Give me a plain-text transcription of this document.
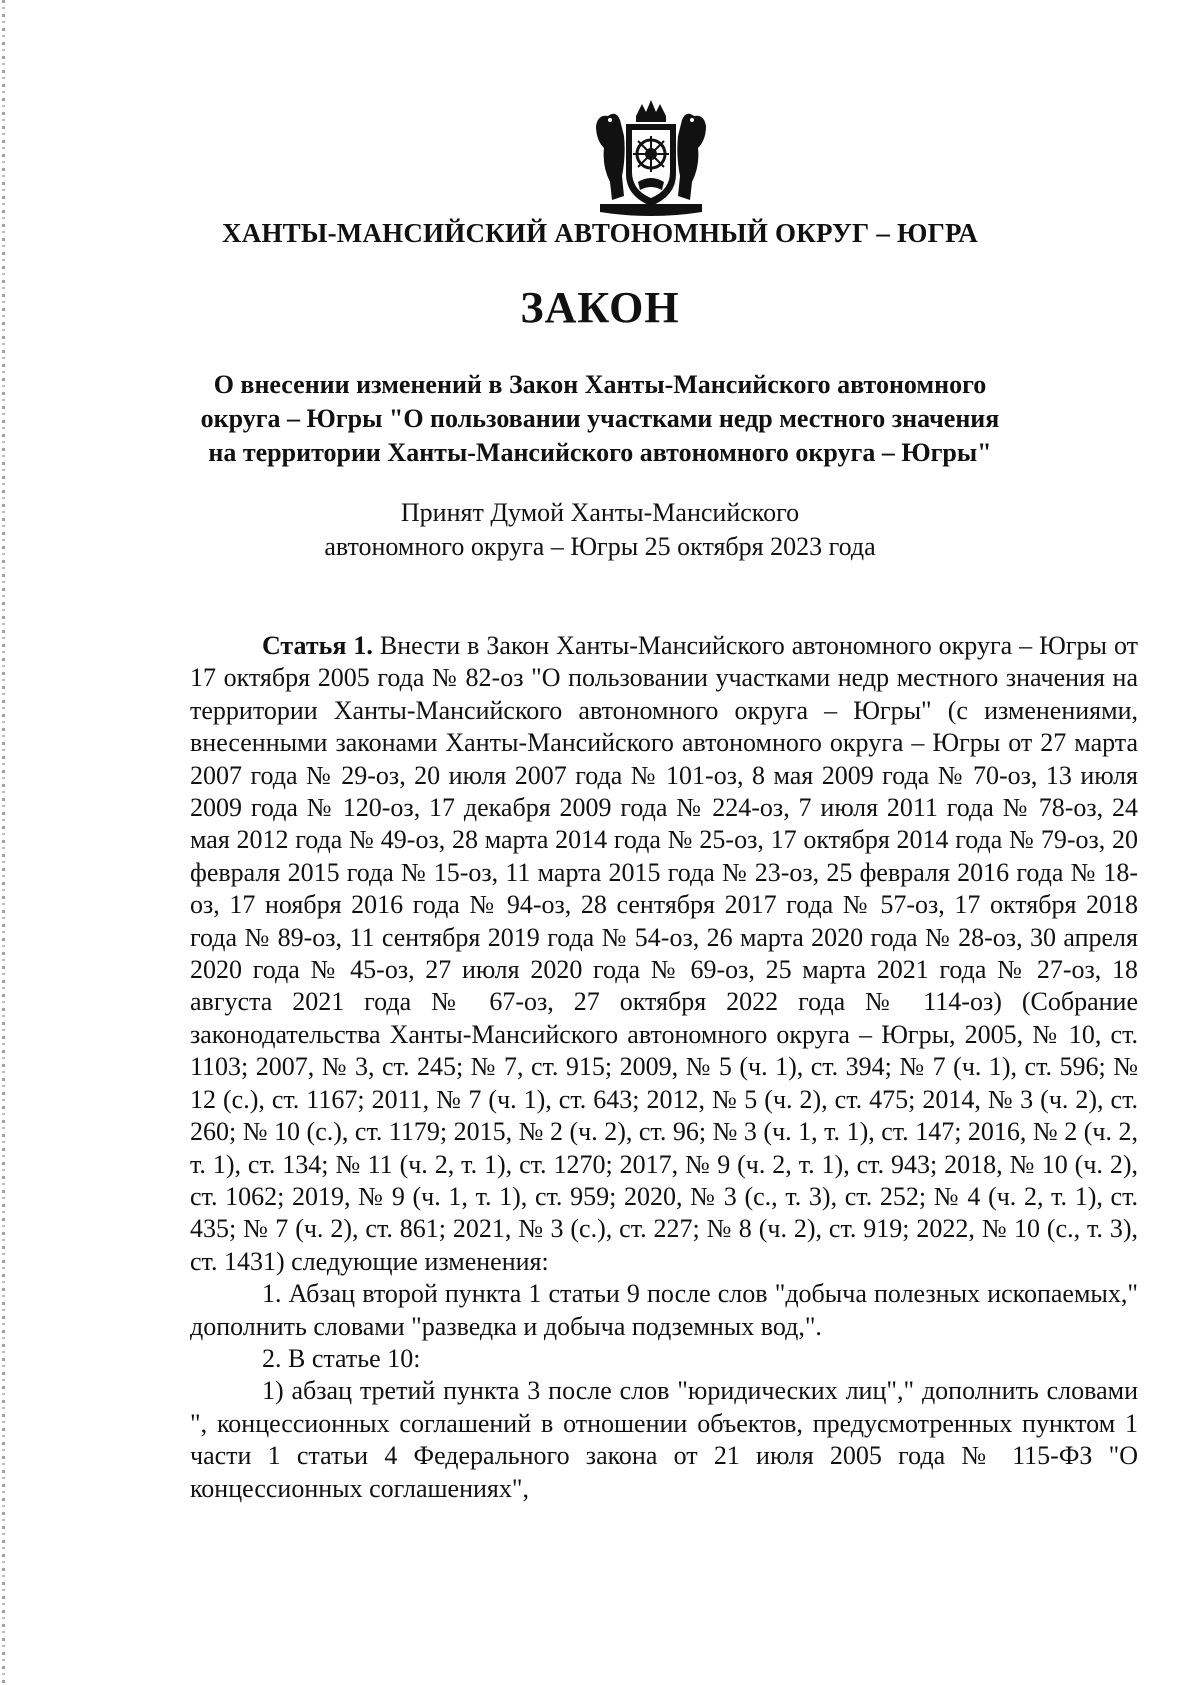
ХАНТЫ-МАНСИЙСКИЙ АВТОНОМНЫЙ ОКРУГ – ЮГРА
ЗАКОН
О внесении изменений в Закон Ханты-Мансийского автономного
округа – Югры "О пользовании участками недр местного значения
на территории Ханты-Мансийского автономного округа – Югры"
Принят Думой Ханты-Мансийского
автономного округа – Югры 25 октября 2023 года

Статья 1. Внести в Закон Ханты-Мансийского автономного округа – Югры от 17 октября 2005 года № 82-оз "О пользовании участками недр местного значения на территории Ханты-Мансийского автономного округа – Югры" (с изменениями, внесенными законами Ханты-Мансийского автономного округа – Югры от 27 марта 2007 года № 29-оз, 20 июля 2007 года № 101-оз, 8 мая 2009 года № 70-оз, 13 июля 2009 года № 120-оз, 17 декабря 2009 года № 224-оз, 7 июля 2011 года № 78-оз, 24 мая 2012 года № 49-оз, 28 марта 2014 года № 25-оз, 17 октября 2014 года № 79-оз, 20 февраля 2015 года № 15-оз, 11 марта 2015 года № 23-оз, 25 февраля 2016 года № 18-оз, 17 ноября 2016 года № 94-оз, 28 сентября 2017 года № 57-оз, 17 октября 2018 года № 89-оз, 11 сентября 2019 года № 54-оз, 26 марта 2020 года № 28-оз, 30 апреля 2020 года № 45-оз, 27 июля 2020 года № 69-оз, 25 марта 2021 года № 27-оз, 18 августа 2021 года № 67-оз, 27 октября 2022 года № 114-оз) (Собрание законодательства Ханты-Мансийского автономного округа – Югры, 2005, № 10, ст. 1103; 2007, № 3, ст. 245; № 7, ст. 915; 2009, № 5 (ч. 1), ст. 394; № 7 (ч. 1), ст. 596; № 12 (с.), ст. 1167; 2011, № 7 (ч. 1), ст. 643; 2012, № 5 (ч. 2), ст. 475; 2014, № 3 (ч. 2), ст. 260; № 10 (с.), ст. 1179; 2015, № 2 (ч. 2), ст. 96; № 3 (ч. 1, т. 1), ст. 147; 2016, № 2 (ч. 2, т. 1), ст. 134; № 11 (ч. 2, т. 1), ст. 1270; 2017, № 9 (ч. 2, т. 1), ст. 943; 2018, № 10 (ч. 2), ст. 1062; 2019, № 9 (ч. 1, т. 1), ст. 959; 2020, № 3 (с., т. 3), ст. 252; № 4 (ч. 2, т. 1), ст. 435; № 7 (ч. 2), ст. 861; 2021, № 3 (с.), ст. 227; № 8 (ч. 2), ст. 919; 2022, № 10 (с., т. 3), ст. 1431) следующие изменения:

1. Абзац второй пункта 1 статьи 9 после слов "добыча полезных ископаемых," дополнить словами "разведка и добыча подземных вод,".

2. В статье 10:

1) абзац третий пункта 3 после слов "юридических лиц"," дополнить словами ", концессионных соглашений в отношении объектов, предусмотренных пунктом 1 части 1 статьи 4 Федерального закона от 21 июля 2005 года № 115-ФЗ "О концессионных соглашениях",
